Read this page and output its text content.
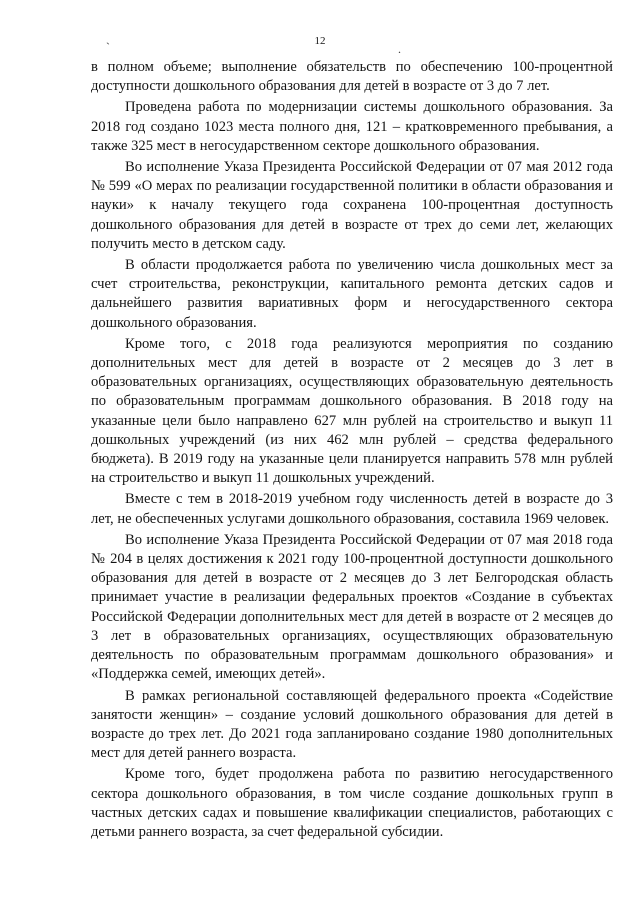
12
`	.

в полном объеме; выполнение обязательств по обеспечению 100-процентной доступности дошкольного образования для детей в возрасте от 3 до 7 лет.

Проведена работа по модернизации системы дошкольного образования. За 2018 год создано 1023 места полного дня, 121 – кратковременного пребывания, а также 325 мест в негосударственном секторе дошкольного образования.

Во исполнение Указа Президента Российской Федерации от 07 мая 2012 года № 599 «О мерах по реализации государственной политики в области образования и науки» к началу текущего года сохранена 100-процентная доступность дошкольного образования для детей в возрасте от трех до семи лет, желающих получить место в детском саду.

В области продолжается работа по увеличению числа дошкольных мест за счет строительства, реконструкции, капитального ремонта детских садов и дальнейшего развития вариативных форм и негосударственного сектора дошкольного образования.

Кроме того, с 2018 года реализуются мероприятия по созданию дополнительных мест для детей в возрасте от 2 месяцев до 3 лет в образовательных организациях, осуществляющих образовательную деятельность по образовательным программам дошкольного образования. В 2018 году на указанные цели было направлено 627 млн рублей на строительство и выкуп 11 дошкольных учреждений (из них 462 млн рублей – средства федерального бюджета). В 2019 году на указанные цели планируется направить 578 млн рублей на строительство и выкуп 11 дошкольных учреждений.

Вместе с тем в 2018-2019 учебном году численность детей в возрасте до 3 лет, не обеспеченных услугами дошкольного образования, составила 1969 человек.

Во исполнение Указа Президента Российской Федерации от 07 мая 2018 года № 204 в целях достижения к 2021 году 100-процентной доступности дошкольного образования для детей в возрасте от 2 месяцев до 3 лет Белгородская область принимает участие в реализации федеральных проектов «Создание в субъектах Российской Федерации дополнительных мест для детей в возрасте от 2 месяцев до 3 лет в образовательных организациях, осуществляющих образовательную деятельность по образовательным программам дошкольного образования» и «Поддержка семей, имеющих детей».

В рамках региональной составляющей федерального проекта «Содействие занятости женщин» – создание условий дошкольного образования для детей в возрасте до трех лет. До 2021 года запланировано создание 1980 дополнительных мест для детей раннего возраста.

Кроме того, будет продолжена работа по развитию негосударственного сектора дошкольного образования, в том числе создание дошкольных групп в частных детских садах и повышение квалификации специалистов, работающих с детьми раннего возраста, за счет федеральной субсидии.
